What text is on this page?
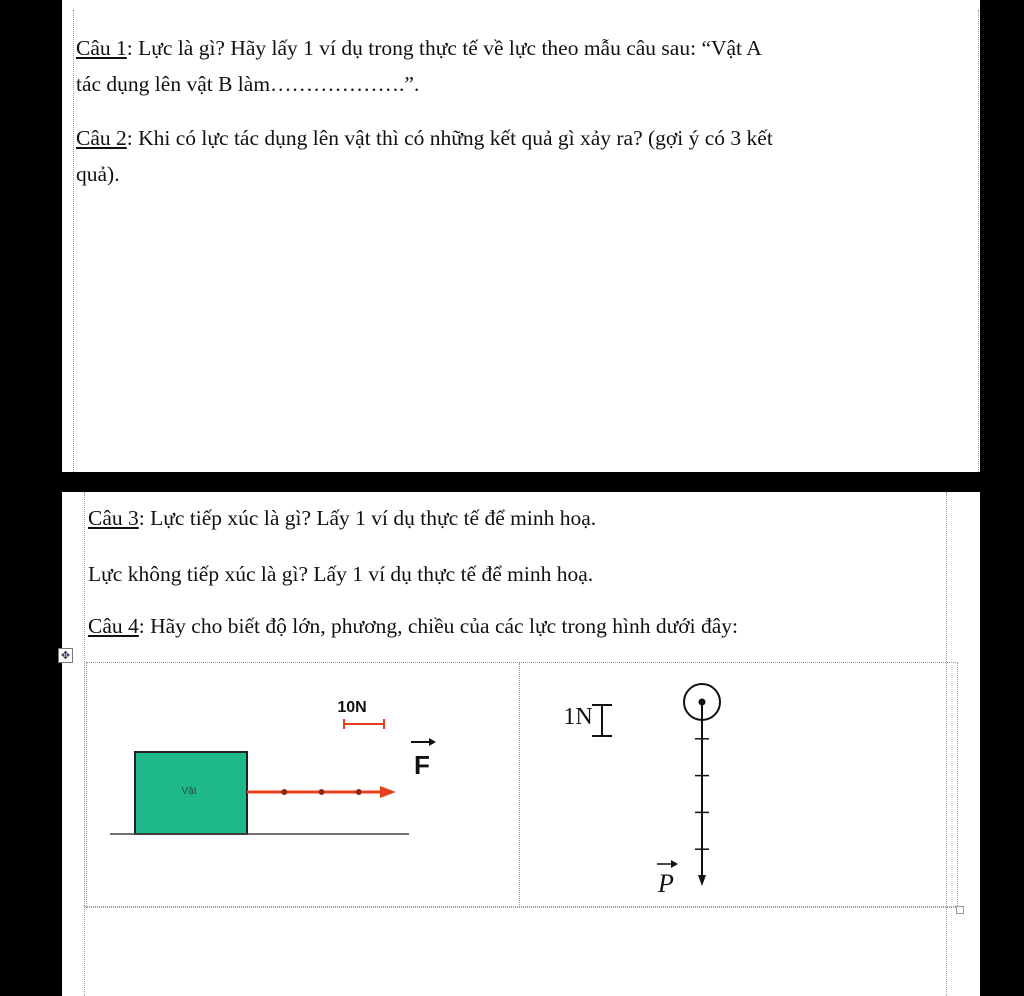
Câu 1: Lực là gì? Hãy lấy 1 ví dụ trong thực tế về lực theo mẫu câu sau: “Vật A
tác dụng lên vật B làm……………….”.
Câu 2: Khi có lực tác dụng lên vật thì có những kết quả gì xảy ra? (gợi ý có 3 kết
quả).
Câu 3: Lực tiếp xúc là gì? Lấy 1 ví dụ thực tế để minh hoạ.
Lực không tiếp xúc là gì? Lấy 1 ví dụ thực tế để minh hoạ.
Câu 4: Hãy cho biết độ lớn, phương, chiều của các lực trong hình dưới đây:
✥
10N
Vật
F
1N
P
